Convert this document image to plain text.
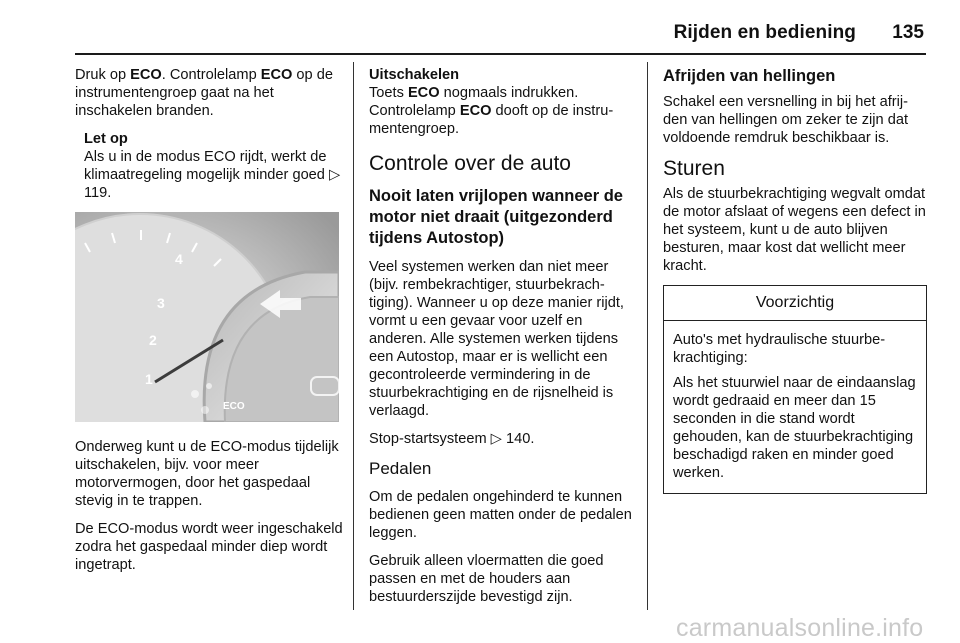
Rijden en bediening	135

Druk op ECO. Controlelamp ECO op de instrumentengroep gaat na het inschakelen branden.

Let op
Als u in de modus ECO rijdt, werkt de klimaatregeling mogelijk minder goed ▷ 119.
4
3
2
1
ECO

Onderweg kunt u de ECO-modus tijdelijk uitschakelen, bijv. voor meer motorvermogen, door het gaspedaal stevig in te trappen.

De ECO-modus wordt weer ingeschakeld zodra het gaspedaal minder diep wordt ingetrapt.

Uitschakelen

Toets ECO nogmaals indrukken. Controlelamp ECO dooft op de instrumentengroep.

Controle over de auto
Nooit laten vrijlopen wanneer de motor niet draait (uitgezonderd tijdens Autostop)

Veel systemen werken dan niet meer (bijv. rembekrachtiger, stuurbekrachtiging). Wanneer u op deze manier rijdt, vormt u een gevaar voor uzelf en anderen. Alle systemen werken tijdens een Autostop, maar er is wellicht een gecontroleerde vermindering in de stuurbekrachtiging en de rijsnelheid is verlaagd.

Stop-startsysteem ▷ 140.

Pedalen

Om de pedalen ongehinderd te kunnen bedienen geen matten onder de pedalen leggen.

Gebruik alleen vloermatten die goed passen en met de houders aan bestuurderszijde bevestigd zijn.

Afrijden van hellingen

Schakel een versnelling in bij het afrijden van hellingen om zeker te zijn dat voldoende remdruk beschikbaar is.

Sturen

Als de stuurbekrachtiging wegvalt omdat de motor afslaat of wegens een defect in het systeem, kunt u de auto blijven besturen, maar kost dat wellicht meer kracht.

Voorzichtig

Auto's met hydraulische stuurbekrachtiging:

Als het stuurwiel naar de eindaanslag wordt gedraaid en meer dan 15 seconden in die stand wordt gehouden, kan de stuurbekrachtiging beschadigd raken en minder goed werken.

carmanualsonline.info
